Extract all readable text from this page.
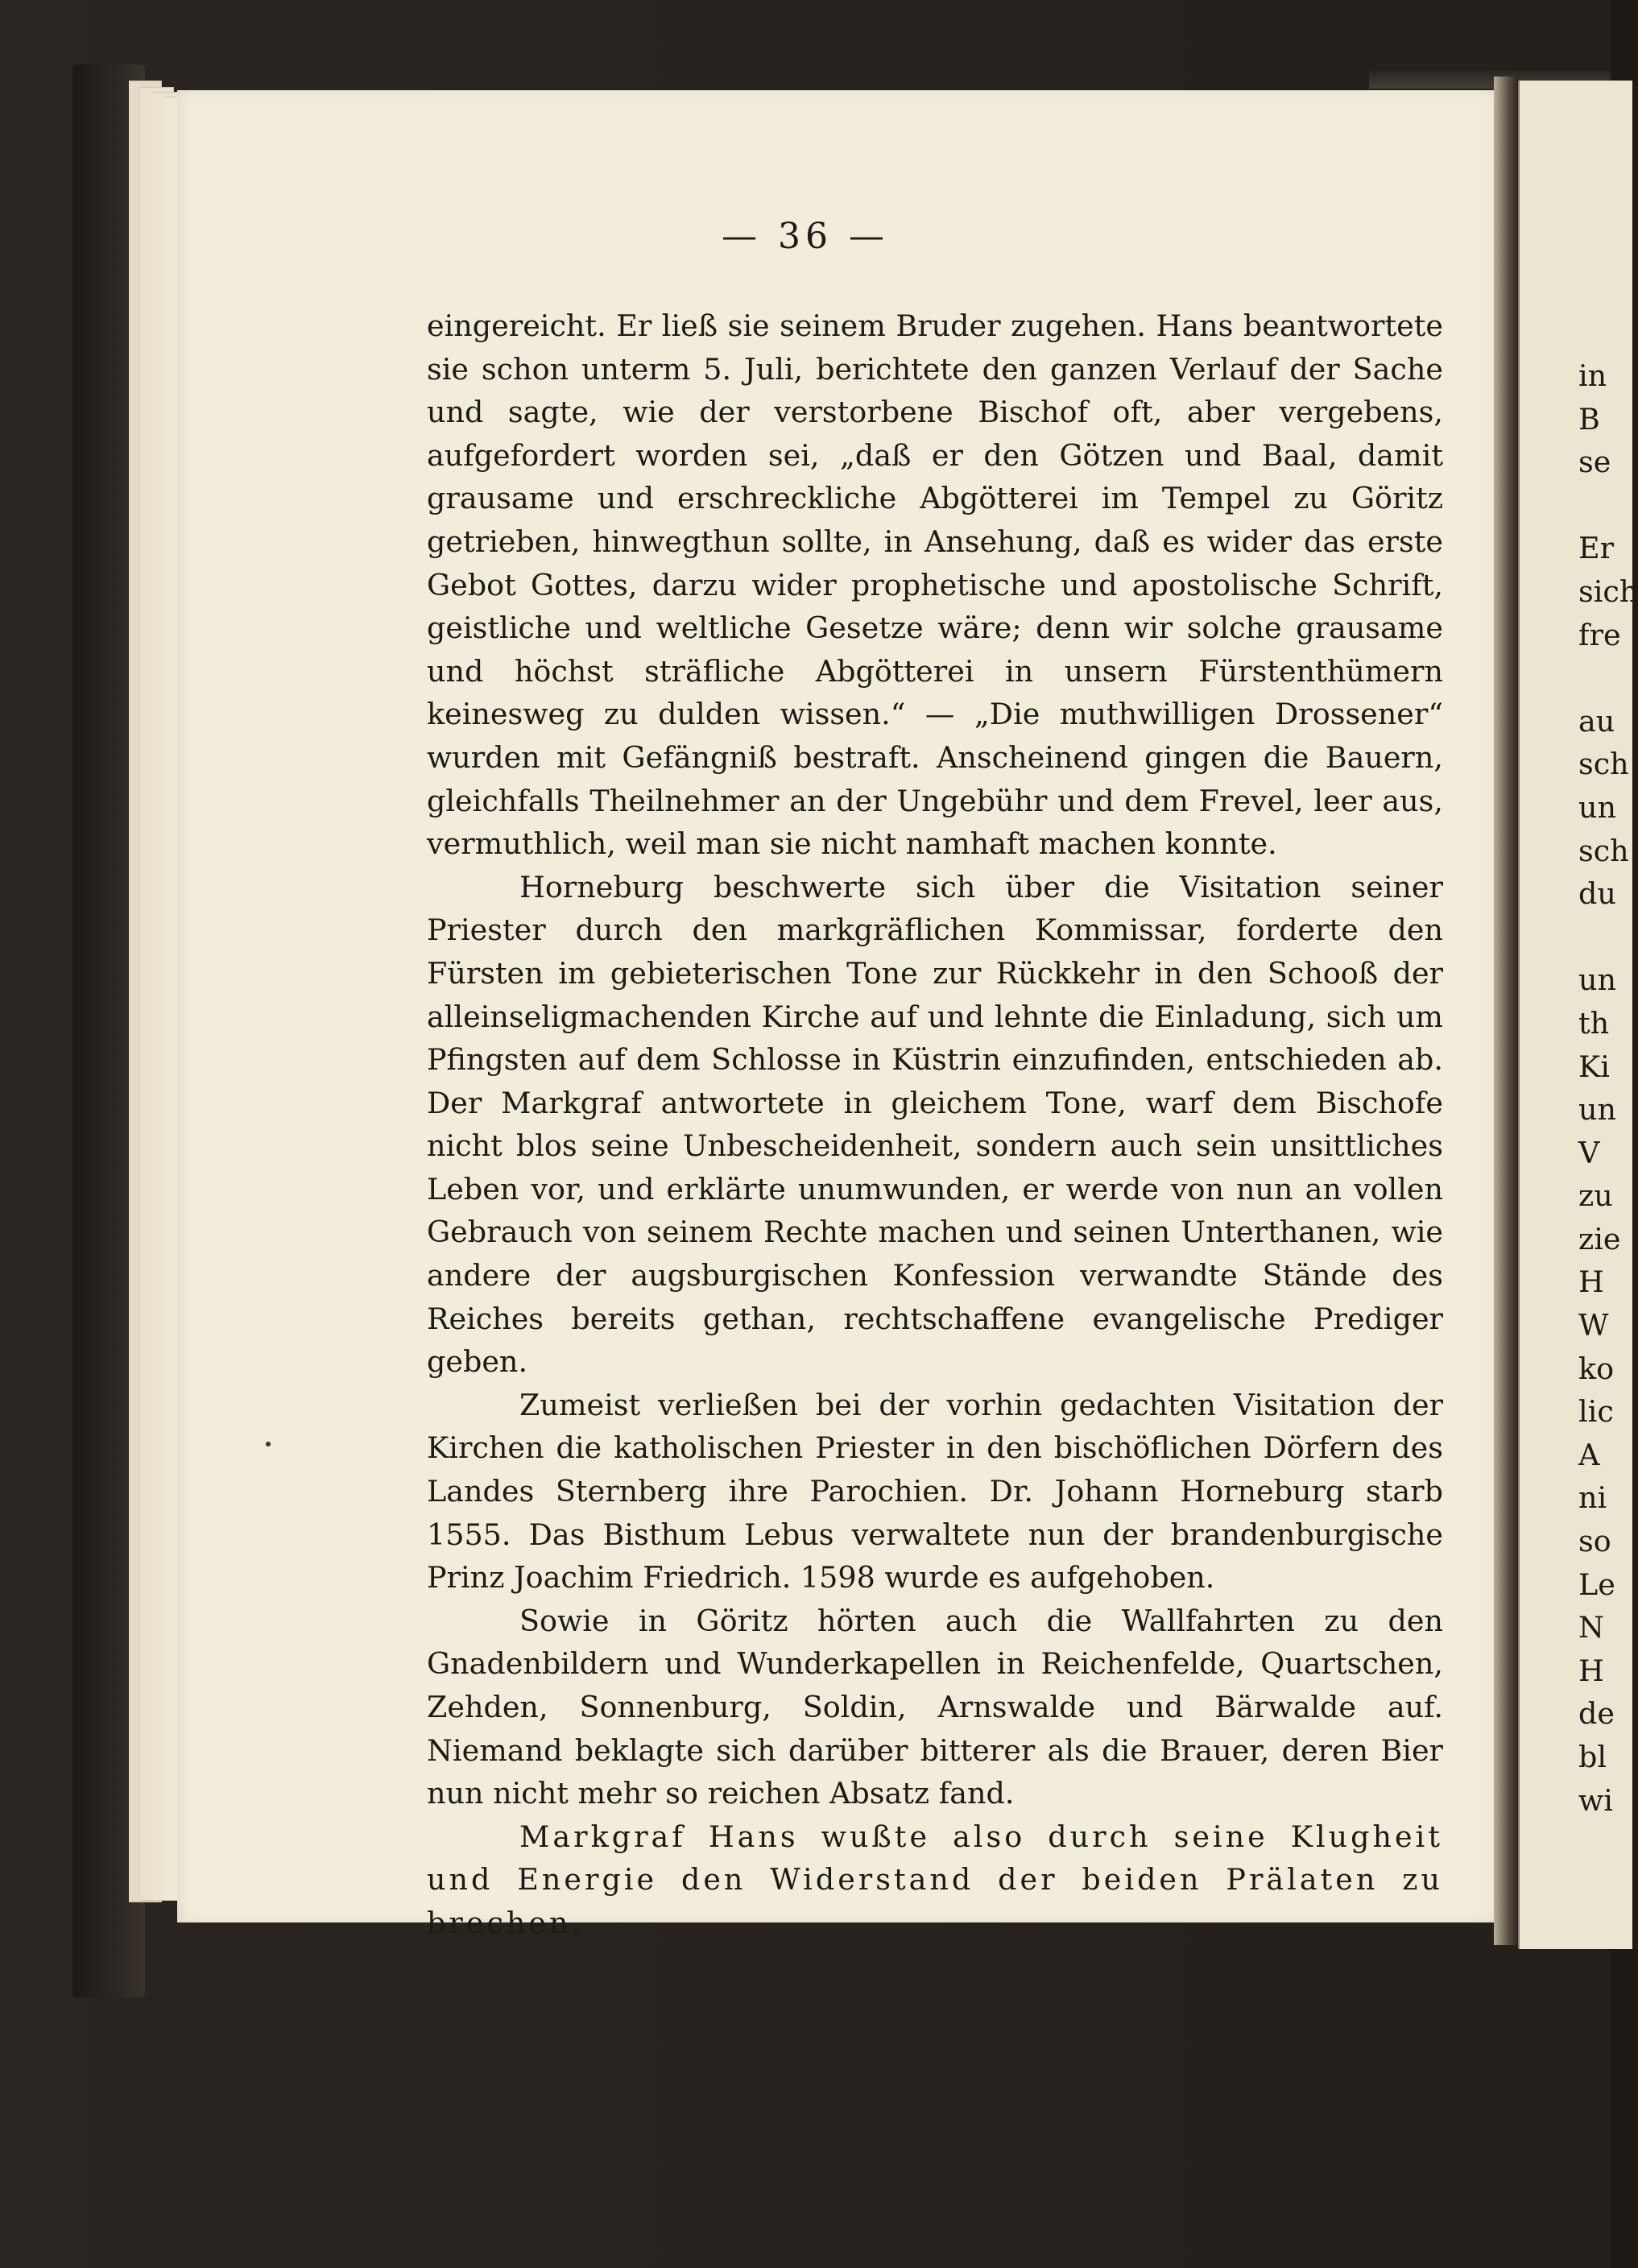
— 36 —

eingereicht. Er ließ sie seinem Bruder zugehen. Hans beantwortete sie schon unterm 5. Juli, berichtete den ganzen Verlauf der Sache und sagte, wie der verstorbene Bischof oft, aber vergebens, aufgefordert worden sei, „daß er den Götzen und Baal, damit grausame und erschreckliche Abgötterei im Tempel zu Göritz getrieben, hinwegthun sollte, in Ansehung, daß es wider das erste Gebot Gottes, darzu wider prophetische und apostolische Schrift, geistliche und weltliche Gesetze wäre; denn wir solche grausame und höchst sträfliche Abgötterei in unsern Fürstenthümern keinesweg zu dulden wissen.“ — „Die muthwilligen Drossener“ wurden mit Gefängniß bestraft. Anscheinend gingen die Bauern, gleichfalls Theilnehmer an der Ungebühr und dem Frevel, leer aus, vermuthlich, weil man sie nicht namhaft machen konnte.

Horneburg beschwerte sich über die Visitation seiner Priester durch den markgräflichen Kommissar, forderte den Fürsten im gebieterischen Tone zur Rückkehr in den Schooß der alleinseligmachenden Kirche auf und lehnte die Einladung, sich um Pfingsten auf dem Schlosse in Küstrin einzufinden, entschieden ab. Der Markgraf antwortete in gleichem Tone, warf dem Bischofe nicht blos seine Unbescheidenheit, sondern auch sein unsittliches Leben vor, und erklärte unumwunden, er werde von nun an vollen Gebrauch von seinem Rechte machen und seinen Unterthanen, wie andere der augsburgischen Konfession verwandte Stände des Reiches bereits gethan, rechtschaffene evangelische Prediger geben.

Zumeist verließen bei der vorhin gedachten Visitation der Kirchen die katholischen Priester in den bischöflichen Dörfern des Landes Sternberg ihre Parochien. Dr. Johann Horneburg starb 1555. Das Bisthum Lebus verwaltete nun der brandenburgische Prinz Joachim Friedrich. 1598 wurde es aufgehoben.

Sowie in Göritz hörten auch die Wallfahrten zu den Gnadenbildern und Wunderkapellen in Reichenfelde, Quartschen, Zehden, Sonnenburg, Soldin, Arnswalde und Bärwalde auf. Niemand beklagte sich darüber bitterer als die Brauer, deren Bier nun nicht mehr so reichen Absatz fand.

Markgraf Hans wußte also durch seine Klugheit und Energie den Widerstand der beiden Prälaten zu brechen.

in
B
se
Er
sich
fre
au
sch
un
sch
du
un
th
Ki
un
V
zu
zie
H
W
ko
lic
A
ni
so
Le
N
H
de
bl
wi
